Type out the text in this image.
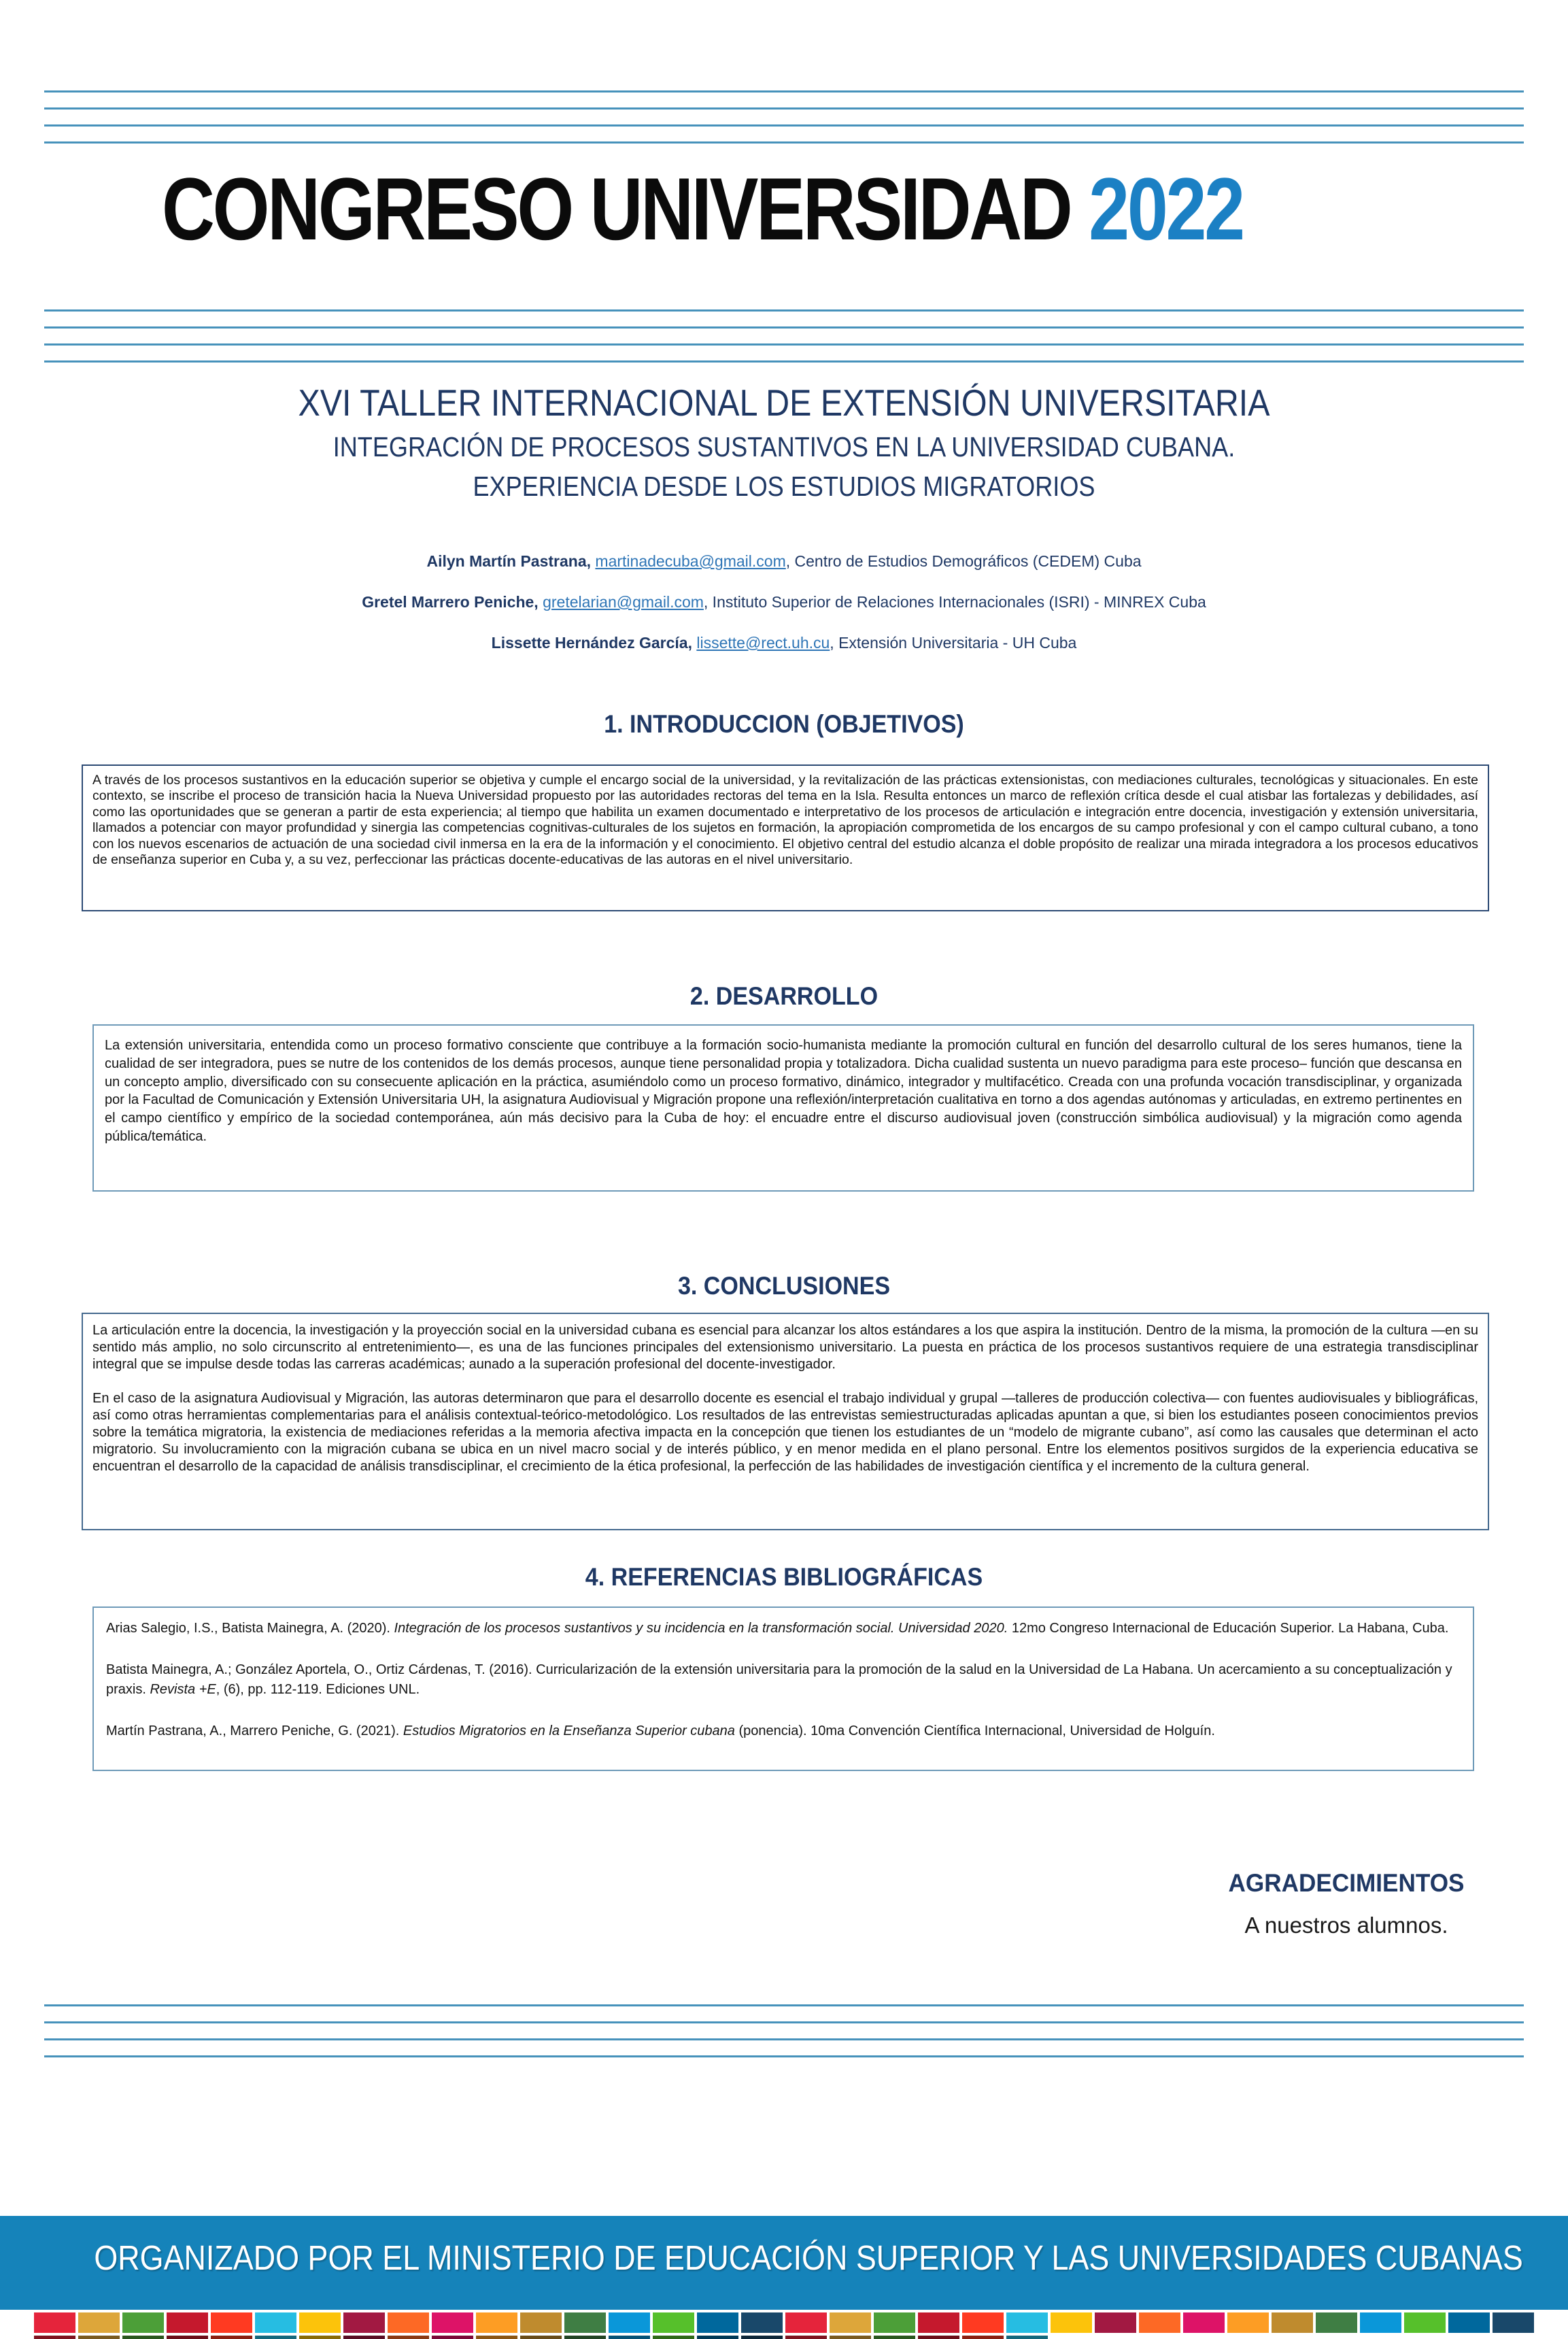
CONGRESO UNIVERSIDAD 2022
XVI TALLER INTERNACIONAL DE EXTENSIÓN UNIVERSITARIA
INTEGRACIÓN DE PROCESOS SUSTANTIVOS EN LA UNIVERSIDAD CUBANA.
EXPERIENCIA DESDE LOS ESTUDIOS MIGRATORIOS
Ailyn Martín Pastrana, martinadecuba@gmail.com, Centro de Estudios Demográficos (CEDEM) Cuba
Gretel Marrero Peniche, gretelarian@gmail.com, Instituto Superior de Relaciones Internacionales (ISRI) - MINREX Cuba
Lissette Hernández García, lissette@rect.uh.cu, Extensión Universitaria - UH Cuba
1. INTRODUCCION (OBJETIVOS)
A través de los procesos sustantivos en la educación superior se objetiva y cumple el encargo social de la universidad, y la revitalización de las prácticas extensionistas, con mediaciones culturales, tecnológicas y situacionales. En este contexto, se inscribe el proceso de transición hacia la Nueva Universidad propuesto por las autoridades rectoras del tema en la Isla. Resulta entonces un marco de reflexión crítica desde el cual atisbar las fortalezas y debilidades, así como las oportunidades que se generan a partir de esta experiencia; al tiempo que habilita un examen documentado e interpretativo de los procesos de articulación e integración entre docencia, investigación y extensión universitaria, llamados a potenciar con mayor profundidad y sinergia las competencias cognitivas-culturales de los sujetos en formación, la apropiación comprometida de los encargos de su campo profesional y con el campo cultural cubano, a tono con los nuevos escenarios de actuación de una sociedad civil inmersa en la era de la información y el conocimiento. El objetivo central del estudio alcanza el doble propósito de realizar una mirada integradora a los procesos educativos de enseñanza superior en Cuba y, a su vez, perfeccionar las prácticas docente-educativas de las autoras en el nivel universitario.
2. DESARROLLO
La extensión universitaria, entendida como un proceso formativo consciente que contribuye a la formación socio-humanista mediante la promoción cultural en función del desarrollo cultural de los seres humanos, tiene la cualidad de ser integradora, pues se nutre de los contenidos de los demás procesos, aunque tiene personalidad propia y totalizadora. Dicha cualidad sustenta un nuevo paradigma para este proceso– función que descansa en un concepto amplio, diversificado con su consecuente aplicación en la práctica, asumiéndolo como un proceso formativo, dinámico, integrador y multifacético. Creada con una profunda vocación transdisciplinar, y organizada por la Facultad de Comunicación y Extensión Universitaria UH, la asignatura Audiovisual y Migración propone una reflexión/interpretación cualitativa en torno a dos agendas autónomas y articuladas, en extremo pertinentes en el campo científico y empírico de la sociedad contemporánea, aún más decisivo para la Cuba de hoy: el encuadre entre el discurso audiovisual joven (construcción simbólica audiovisual) y la migración como agenda pública/temática.
3. CONCLUSIONES

La articulación entre la docencia, la investigación y la proyección social en la universidad cubana es esencial para alcanzar los altos estándares a los que aspira la institución. Dentro de la misma, la promoción de la cultura —en su sentido más amplio, no solo circunscrito al entretenimiento—, es una de las funciones principales del extensionismo universitario. La puesta en práctica de los procesos sustantivos requiere de una estrategia transdisciplinar integral que se impulse desde todas las carreras académicas; aunado a la superación profesional del docente-investigador.

En el caso de la asignatura Audiovisual y Migración, las autoras determinaron que para el desarrollo docente es esencial el trabajo individual y grupal —talleres de producción colectiva— con fuentes audiovisuales y bibliográficas, así como otras herramientas complementarias para el análisis contextual-teórico-metodológico. Los resultados de las entrevistas semiestructuradas aplicadas apuntan a que, si bien los estudiantes poseen conocimientos previos sobre la temática migratoria, la existencia de mediaciones referidas a la memoria afectiva impacta en la concepción que tienen los estudiantes de un “modelo de migrante cubano”, así como las causales que determinan el acto migratorio. Su involucramiento con la migración cubana se ubica en un nivel macro social y de interés público, y en menor medida en el plano personal. Entre los elementos positivos surgidos de la experiencia educativa se encuentran el desarrollo de la capacidad de análisis transdisciplinar, el crecimiento de la ética profesional, la perfección de las habilidades de investigación científica y el incremento de la cultura general.

4. REFERENCIAS BIBLIOGRÁFICAS

Arias Salegio, I.S., Batista Mainegra, A. (2020). Integración de los procesos sustantivos y su incidencia en la transformación social. Universidad 2020. 12mo Congreso Internacional de Educación Superior. La Habana, Cuba.

Batista Mainegra, A.; González Aportela, O., Ortiz Cárdenas, T. (2016). Curricularización de la extensión universitaria para la promoción de la salud en la Universidad de La Habana. Un acercamiento a su conceptualización y praxis. Revista +E, (6), pp. 112-119. Ediciones UNL.

Martín Pastrana, A., Marrero Peniche, G. (2021). Estudios Migratorios en la Enseñanza Superior cubana (ponencia). 10ma Convención Científica Internacional, Universidad de Holguín.

AGRADECIMIENTOS
A nuestros alumnos.
ORGANIZADO POR EL MINISTERIO DE EDUCACIÓN SUPERIOR Y LAS UNIVERSIDADES CUBANAS
